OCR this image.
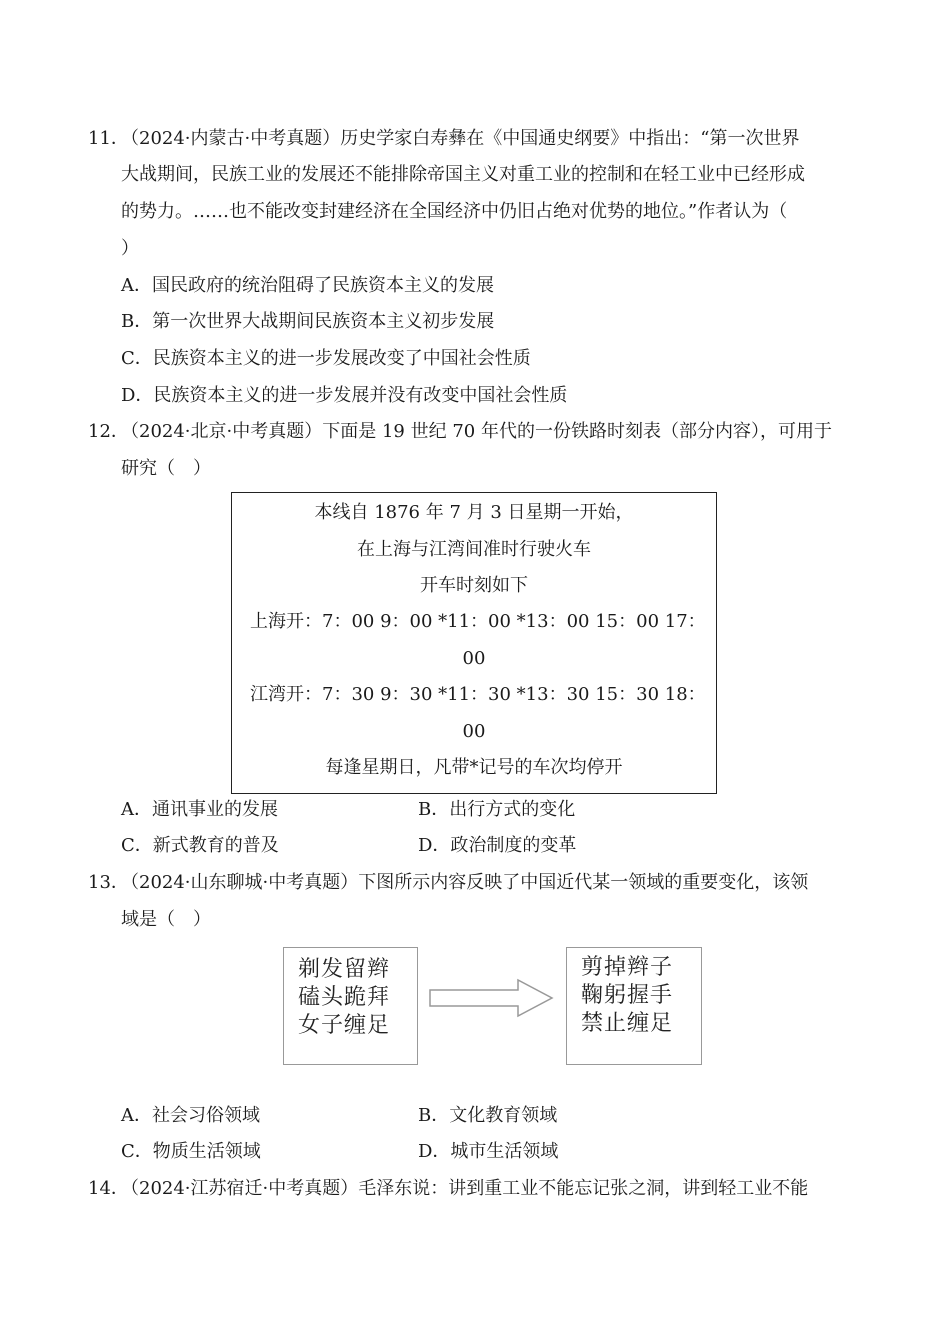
11．
（2024·内蒙古·中考真题）历史学家白寿彝在《中国通史纲要》中指出：“第一次世界
大战期间，民族工业的发展还不能排除帝国主义对重工业的控制和在轻工业中已经形成
的势力。……也不能改变封建经济在全国经济中仍旧占绝对优势的地位。”作者认为（
）
A．国民政府的统治阻碍了民族资本主义的发展
B．第一次世界大战期间民族资本主义初步发展
C．民族资本主义的进一步发展改变了中国社会性质
D．民族资本主义的进一步发展并没有改变中国社会性质
12．
（2024·北京·中考真题）下面是 19 世纪 70 年代的一份铁路时刻表（部分内容），可用于
研究（　）
本线自 1876 年 7 月 3 日星期一开始，
在上海与江湾间准时行驶火车
开车时刻如下
上海开：7：00 9：00 *11：00 *13：00 15：00 17：
00
江湾开：7：30 9：30 *11：30 *13：30 15：30 18：
00
每逢星期日，凡带*记号的车次均停开
A．通讯事业的发展	B．出行方式的变化
C．新式教育的普及	D．政治制度的变革
13．
（2024·山东聊城·中考真题）下图所示内容反映了中国近代某一领域的重要变化，该领
域是（　）
剃发留辫
磕头跪拜
女子缠足
剪掉辫子
鞠躬握手
禁止缠足
A．社会习俗领域	B．文化教育领域
C．物质生活领域	D．城市生活领域
14．
（2024·江苏宿迁·中考真题）毛泽东说：讲到重工业不能忘记张之洞，讲到轻工业不能
